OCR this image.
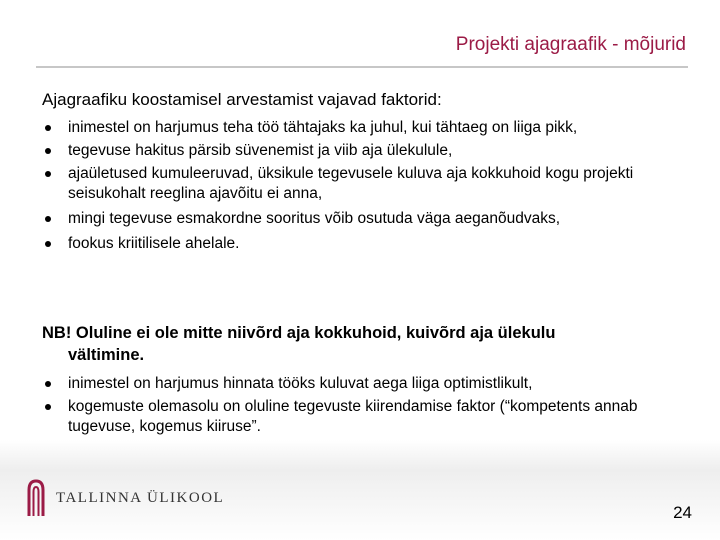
Projekti ajagraafik - mõjurid
Ajagraafiku koostamisel arvestamist vajavad faktorid:
inimestel on harjumus teha töö tähtajaks ka juhul, kui tähtaeg on liiga pikk,
tegevuse hakitus pärsib süvenemist ja viib aja ülekulule,
ajaületused kumuleeruvad, üksikule tegevusele kuluva aja kokkuhoid kogu projekti seisukohalt reeglina ajavõitu ei anna,
mingi tegevuse esmakordne sooritus võib osutuda väga aeganõudvaks,
fookus kriitilisele ahelale.
NB! Oluline ei ole mitte niivõrd aja kokkuhoid, kuivõrd aja ülekulu
vältimine.
inimestel on harjumus hinnata tööks kuluvat aega liiga optimistlikult,
kogemuste olemasolu on oluline tegevuste kiirendamise faktor (“kompetents annab tugevuse, kogemus kiiruse”.
TALLINNA ÜLIKOOL
24
